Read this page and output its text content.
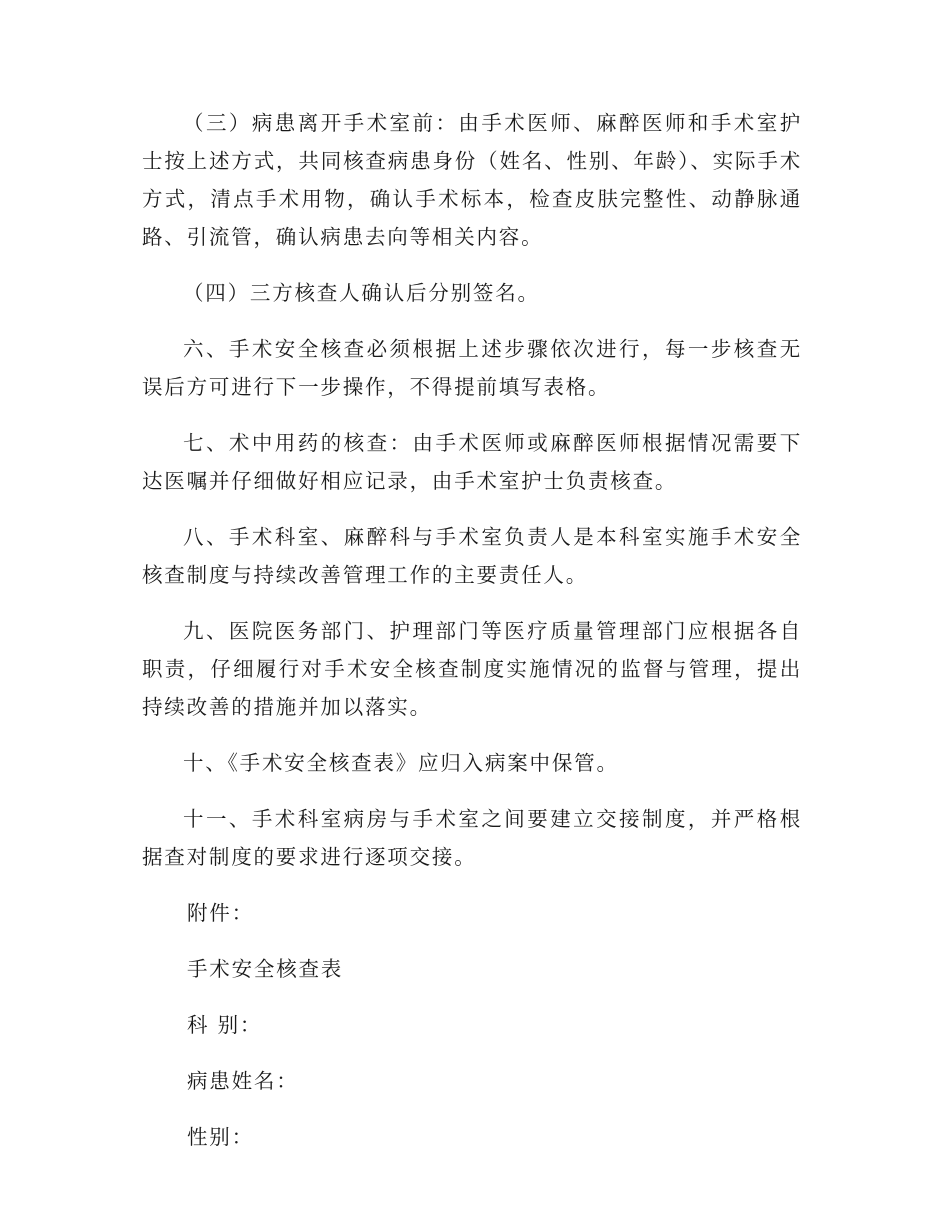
（三）病患离开手术室前：由手术医师、麻醉医师和手术室护士按上述方式，共同核查病患身份（姓名、性别、年龄）、实际手术方式，清点手术用物，确认手术标本，检查皮肤完整性、动静脉通路、引流管，确认病患去向等相关内容。

（四）三方核查人确认后分别签名。

六、手术安全核查必须根据上述步骤依次进行，每一步核查无误后方可进行下一步操作，不得提前填写表格。

七、术中用药的核查：由手术医师或麻醉医师根据情况需要下达医嘱并仔细做好相应记录，由手术室护士负责核查。

八、手术科室、麻醉科与手术室负责人是本科室实施手术安全核查制度与持续改善管理工作的主要责任人。

九、医院医务部门、护理部门等医疗质量管理部门应根据各自职责，仔细履行对手术安全核查制度实施情况的监督与管理，提出持续改善的措施并加以落实。

十、《手术安全核查表》应归入病案中保管。

十一、手术科室病房与手术室之间要建立交接制度，并严格根据查对制度的要求进行逐项交接。

附件：
手术安全核查表
科 别：
病患姓名：
性别：
